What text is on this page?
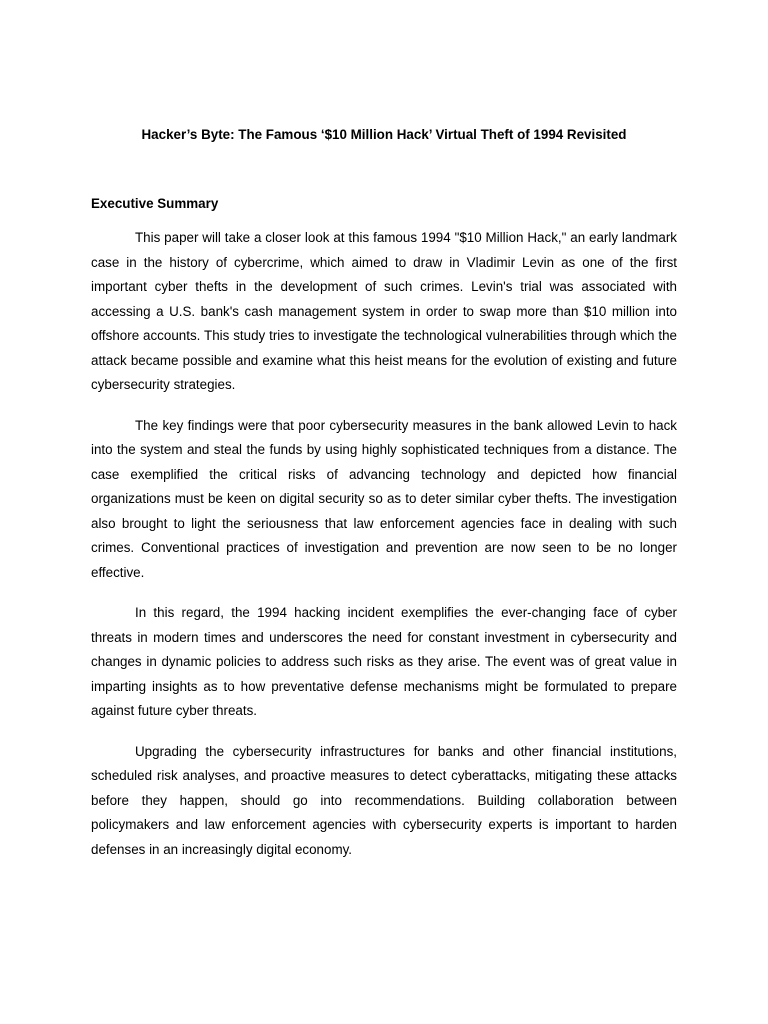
Hacker’s Byte: The Famous ‘$10 Million Hack’ Virtual Theft of 1994 Revisited
Executive Summary

This paper will take a closer look at this famous 1994 "$10 Million Hack," an early landmark case in the history of cybercrime, which aimed to draw in Vladimir Levin as one of the first important cyber thefts in the development of such crimes. Levin's trial was associated with accessing a U.S. bank's cash management system in order to swap more than $10 million into offshore accounts. This study tries to investigate the technological vulnerabilities through which the attack became possible and examine what this heist means for the evolution of existing and future cybersecurity strategies.

The key findings were that poor cybersecurity measures in the bank allowed Levin to hack into the system and steal the funds by using highly sophisticated techniques from a distance. The case exemplified the critical risks of advancing technology and depicted how financial organizations must be keen on digital security so as to deter similar cyber thefts. The investigation also brought to light the seriousness that law enforcement agencies face in dealing with such crimes. Conventional practices of investigation and prevention are now seen to be no longer effective.

In this regard, the 1994 hacking incident exemplifies the ever-changing face of cyber threats in modern times and underscores the need for constant investment in cybersecurity and changes in dynamic policies to address such risks as they arise. The event was of great value in imparting insights as to how preventative defense mechanisms might be formulated to prepare against future cyber threats.

Upgrading the cybersecurity infrastructures for banks and other financial institutions, scheduled risk analyses, and proactive measures to detect cyberattacks, mitigating these attacks before they happen, should go into recommendations. Building collaboration between policymakers and law enforcement agencies with cybersecurity experts is important to harden defenses in an increasingly digital economy.
